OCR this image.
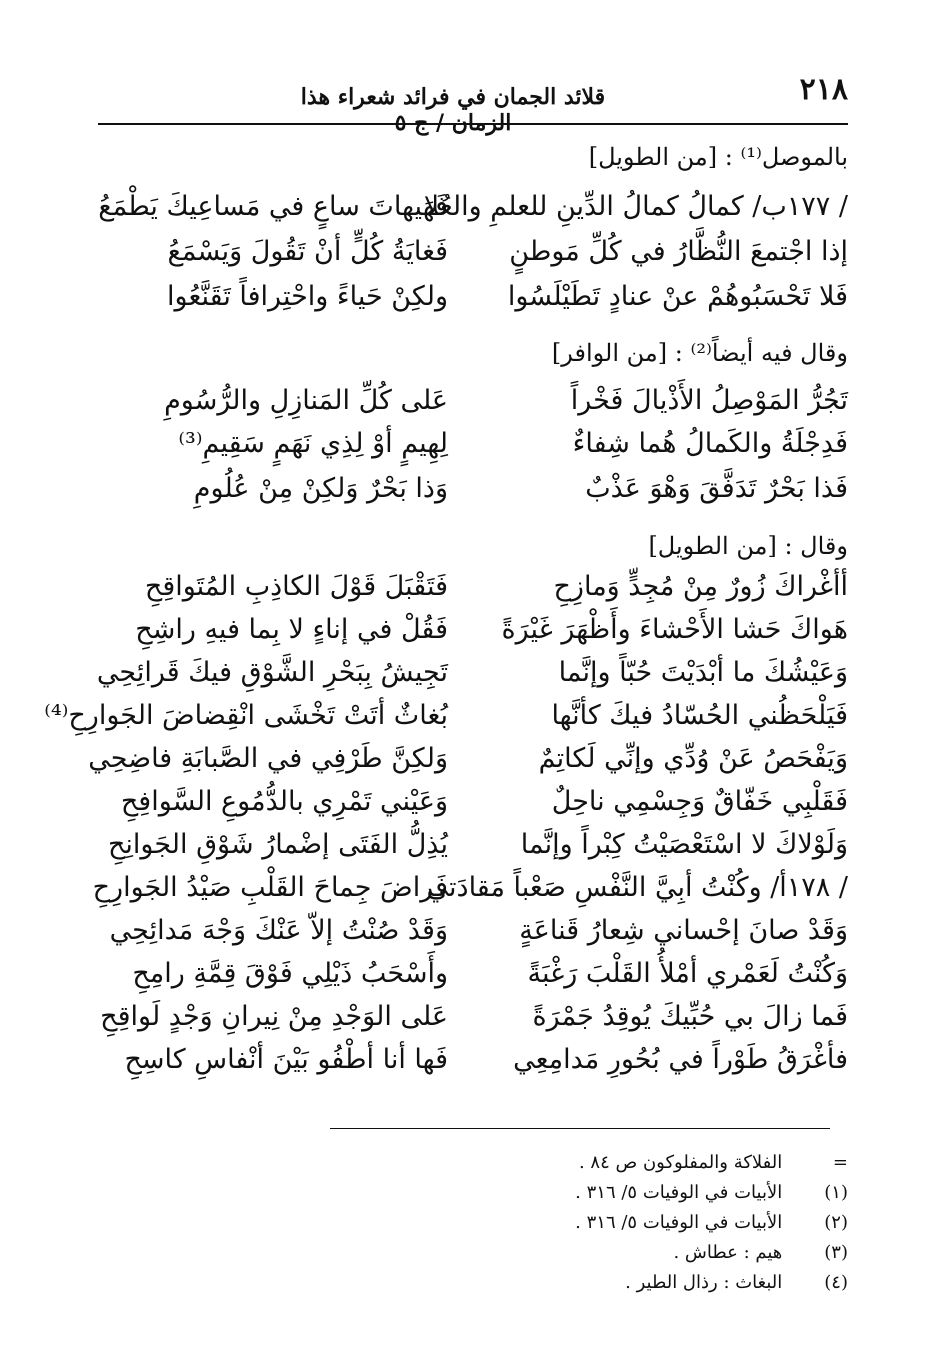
٢١٨
قلائد الجمان في فرائد شعراء هذا الزمان / ج ٥
بالموصل⁽¹⁾ : [من الطويل]
/ ١٧٧ب/ كمالُ كمالُ الدِّينِ للعلمِ والعُلا
إذا اجْتمعَ النُّظَّارُ في كُلِّ مَوطنٍ
فَلا تَحْسَبُوهُمْ عنْ عنادٍ تَطَيْلَسُوا
فَهَيهاتَ ساعٍ في مَساعِيكَ يَطْمَعُ
فَغايَةُ كُلٍّ أنْ تَقُولَ وَيَسْمَعُ
ولكِنْ حَياءً واحْتِرافاً تَقَنَّعُوا
وقال فيه أيضاً⁽²⁾ : [من الوافر]
تَجُرُّ المَوْصِلُ الأَذْيالَ فَخْراً
فَدِجْلَةُ والكَمالُ هُما شِفاءٌ
فَذا بَحْرٌ تَدَفَّقَ وَهْوَ عَذْبٌ
عَلى كُلِّ المَنازِلِ والرُّسُومِ
لِهِيمٍ أوْ لِذِي نَهَمٍ سَقِيمِ⁽³⁾
وَذا بَحْرٌ وَلكِنْ مِنْ عُلُومِ
وقال : [من الطويل]
أأغْراكَ زُورٌ مِنْ مُجِدٍّ وَمازِحِ
هَواكَ حَشا الأَحْشاءَ وأَظْهَرَ غَيْرَةً
وَعَيْشُكَ ما أبْدَيْتَ حُبّاً وإنَّما
فَيَلْحَظُني الحُسّادُ فيكَ كأنَّها
وَيَفْحَصُ عَنْ وُدِّي وإنِّي لَكاتِمٌ
فَقَلْبِي خَفّاقٌ وَجِسْمِي ناحِلٌ
وَلَوْلاكَ لا اسْتَعْصَيْتُ كِبْراً وإنَّما
/ ١٧٨أ/ وكُنْتُ أبِيَّ النَّفْسِ صَعْباً مَقادَتي
وَقَدْ صانَ إحْساني شِعارُ قَناعَةٍ
وَكُنْتُ لَعَمْري أمْلأُ القَلْبَ رَغْبَةً
فَما زالَ بي حُبِّيكَ يُوقِدُ جَمْرَةً
فأغْرَقُ طَوْراً في بُحُورِ مَدامِعِي
فَتَقْبَلَ قَوْلَ الكاذِبِ المُتَواقِحِ
فَقُلْ في إناءٍ لا بِما فيهِ راشِحِ
تَجِيشُ بِبَحْرِ الشَّوْقِ فيكَ قَرائِحِي
بُغاثٌ أتَتْ تَخْشَى انْقِضاضَ الجَوارِحِ⁽⁴⁾
وَلكِنَّ طَرْفِي في الصَّبابَةِ فاضِحِي
وَعَيْني تَمْرِي بالدُّمُوعِ السَّوافِحِ
يُذِلُّ الفَتَى إضْمارُ شَوْقِ الجَوانِحِ
فَراضَ جِماحَ القَلْبِ صَيْدُ الجَوارِحِ
وَقَدْ صُنْتُ إلاّ عَنْكَ وَجْهَ مَدائِحِي
وأَسْحَبُ ذَيْلِي فَوْقَ قِمَّةِ رامِحِ
عَلى الوَجْدِ مِنْ نِيرانِ وَجْدٍ لَواقِحِ
فَها أنا أطْفُو بَيْنَ أنْفاسِ كاسِحِ
= الفلاكة والمفلوكون ص ٨٤ .
(١) الأبيات في الوفيات ٥/ ٣١٦ .
(٢) الأبيات في الوفيات ٥/ ٣١٦ .
(٣) هيم : عطاش .
(٤) البغاث : رذال الطير .
